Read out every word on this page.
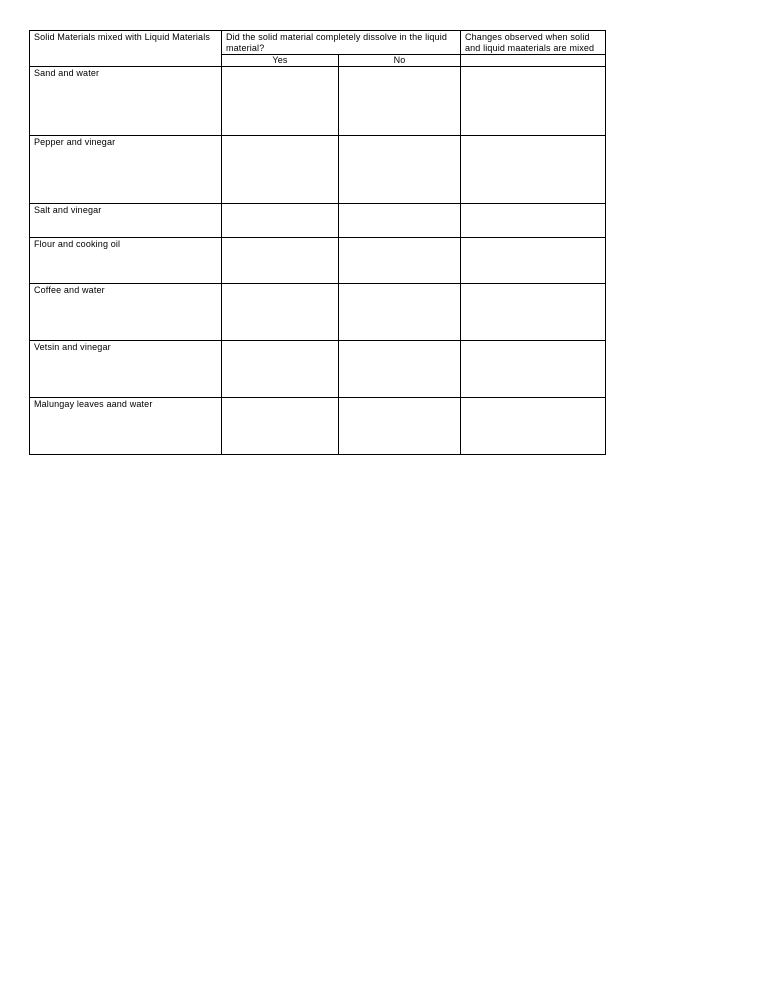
Solid Materials mixed with Liquid Materials	Did the solid material completely dissolve in the liquid material?		Changes observed when solid and liquid maaterials are mixed
	Yes	No	
Sand and water			
Pepper and vinegar			
Salt and vinegar			
Flour and cooking oil			
Coffee and water			
Vetsin and vinegar			
Malungay leaves aand water			
